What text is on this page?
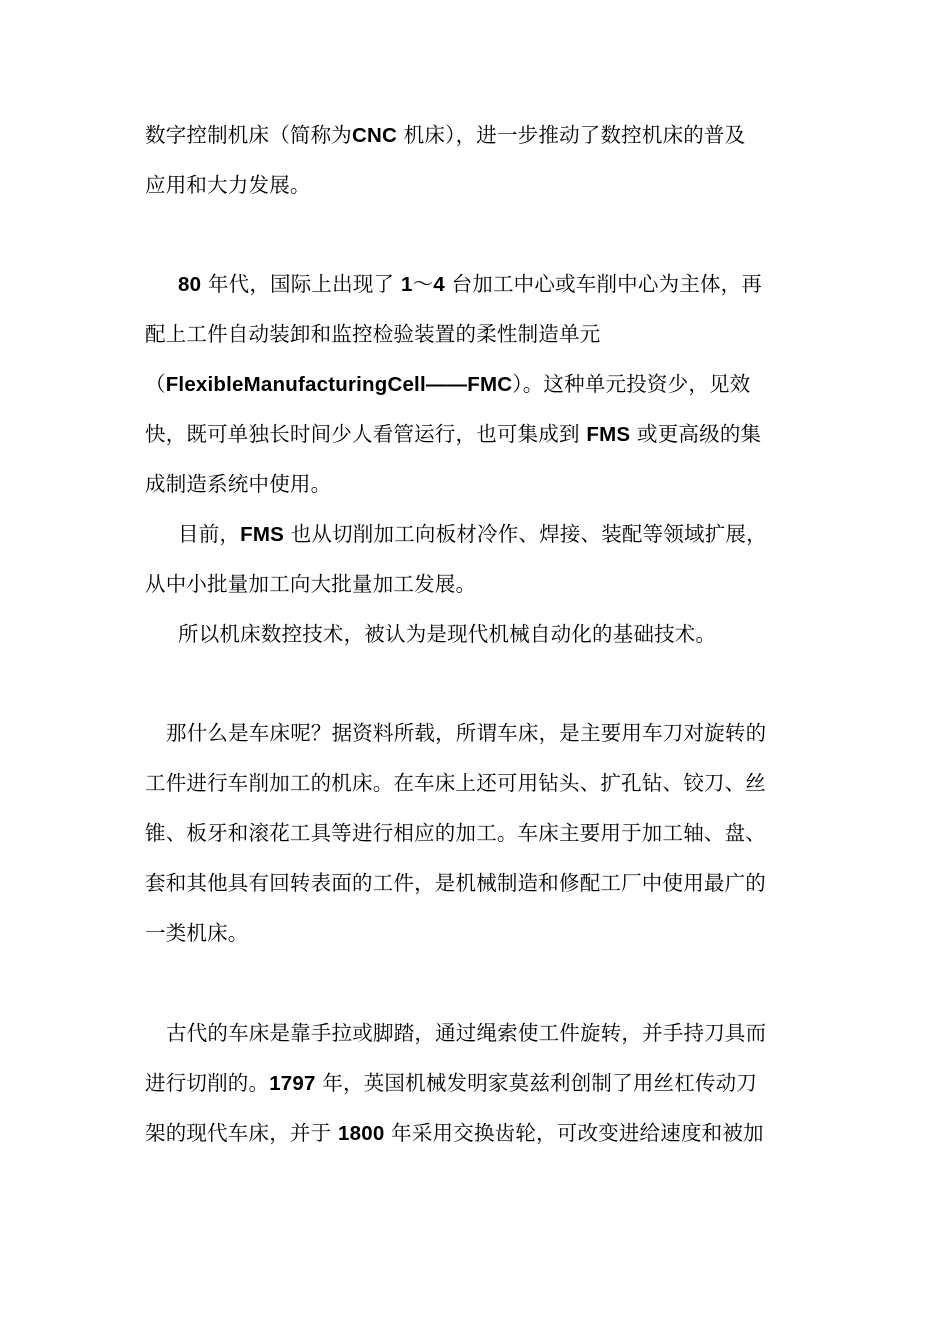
数字控制机床（简称为CNC 机床），进一步推动了数控机床的普及
应用和大力发展。
80 年代，国际上出现了 1～4 台加工中心或车削中心为主体，再
配上工件自动装卸和监控检验装置的柔性制造单元
（FlexibleManufacturingCell——FMC）。这种单元投资少，见效
快，既可单独长时间少人看管运行，也可集成到 FMS 或更高级的集
成制造系统中使用。
目前，FMS 也从切削加工向板材冷作、焊接、装配等领域扩展，
从中小批量加工向大批量加工发展。
所以机床数控技术，被认为是现代机械自动化的基础技术。
那什么是车床呢？据资料所载，所谓车床，是主要用车刀对旋转的
工件进行车削加工的机床。在车床上还可用钻头、扩孔钻、铰刀、丝
锥、板牙和滚花工具等进行相应的加工。车床主要用于加工轴、盘、
套和其他具有回转表面的工件，是机械制造和修配工厂中使用最广的
一类机床。
古代的车床是靠手拉或脚踏，通过绳索使工件旋转，并手持刀具而
进行切削的。1797 年，英国机械发明家莫兹利创制了用丝杠传动刀
架的现代车床，并于 1800 年采用交换齿轮，可改变进给速度和被加
